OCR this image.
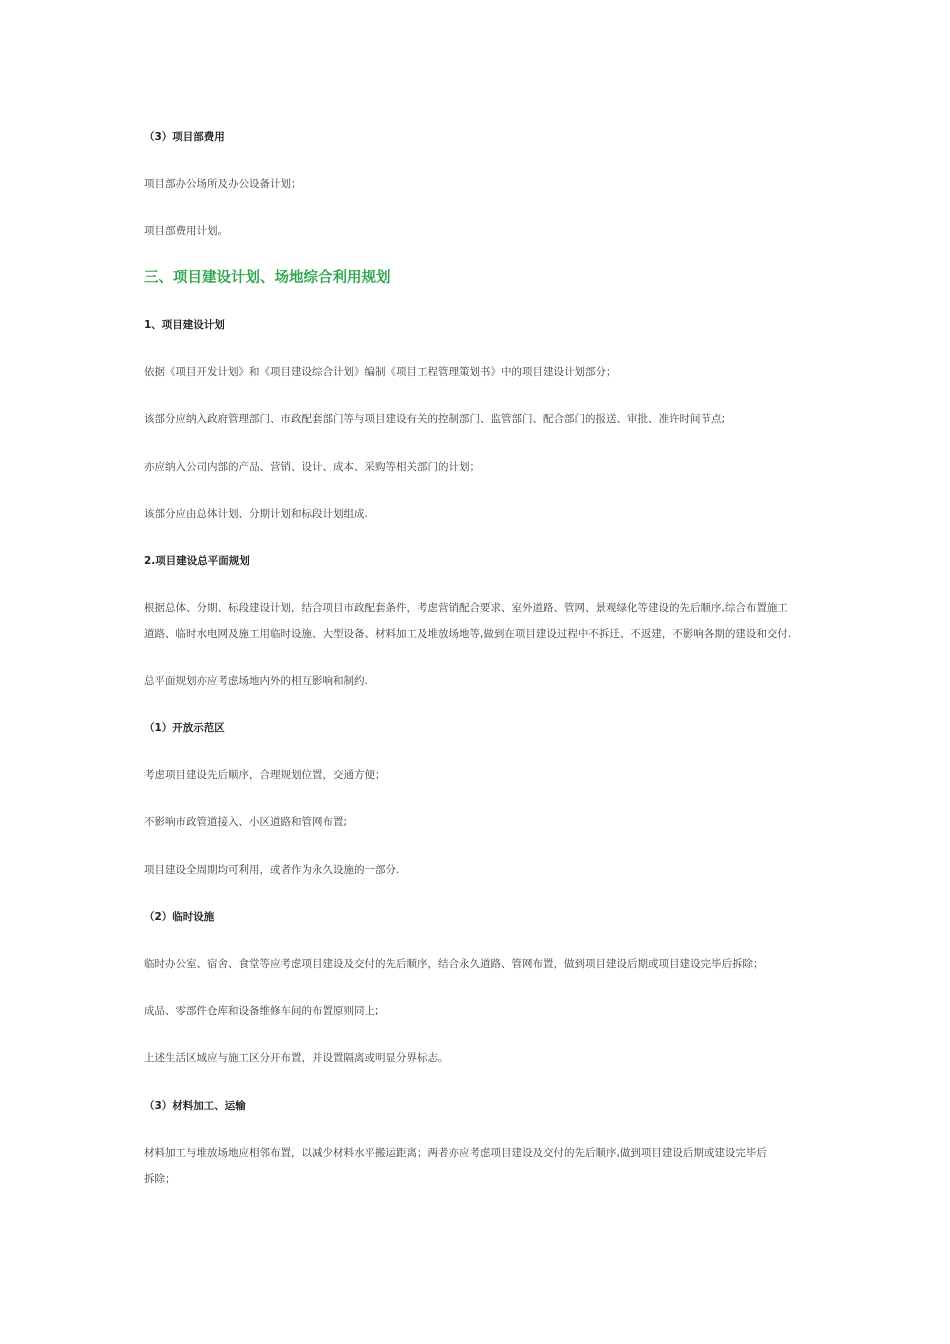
（3）项目部费用
项目部办公场所及办公设备计划；
项目部费用计划。
三、项目建设计划、场地综合利用规划
1、项目建设计划
依据《项目开发计划》和《项目建设综合计划》编制《项目工程管理策划书》中的项目建设计划部分；
该部分应纳入政府管理部门、市政配套部门等与项目建设有关的控制部门、监管部门、配合部门的报送、审批、准许时间节点;
亦应纳入公司内部的产品、营销、设计、成本、采购等相关部门的计划；
该部分应由总体计划、分期计划和标段计划组成.
2.项目建设总平面规划
根据总体、分期、标段建设计划，结合项目市政配套条件，考虑营销配合要求、室外道路、管网、景观绿化等建设的先后顺序,综合布置施工
道路、临时水电网及施工用临时设施、大型设备、材料加工及堆放场地等,做到在项目建设过程中不拆迁、不返建，不影响各期的建设和交付.
总平面规划亦应考虑场地内外的相互影响和制约.
（1）开放示范区
考虑项目建设先后顺序，合理规划位置，交通方便；
不影响市政管道接入、小区道路和管网布置;
项目建设全周期均可利用，或者作为永久设施的一部分.
（2）临时设施
临时办公室、宿舍、食堂等应考虑项目建设及交付的先后顺序，结合永久道路、管网布置，做到项目建设后期或项目建设完毕后拆除；
成品、零部件仓库和设备维修车间的布置原则同上;
上述生活区域应与施工区分开布置，并设置隔离或明显分界标志。
（3）材料加工、运输
材料加工与堆放场地应相邻布置，以减少材料水平搬运距离；两者亦应考虑项目建设及交付的先后顺序,做到项目建设后期或建设完毕后
拆除；
